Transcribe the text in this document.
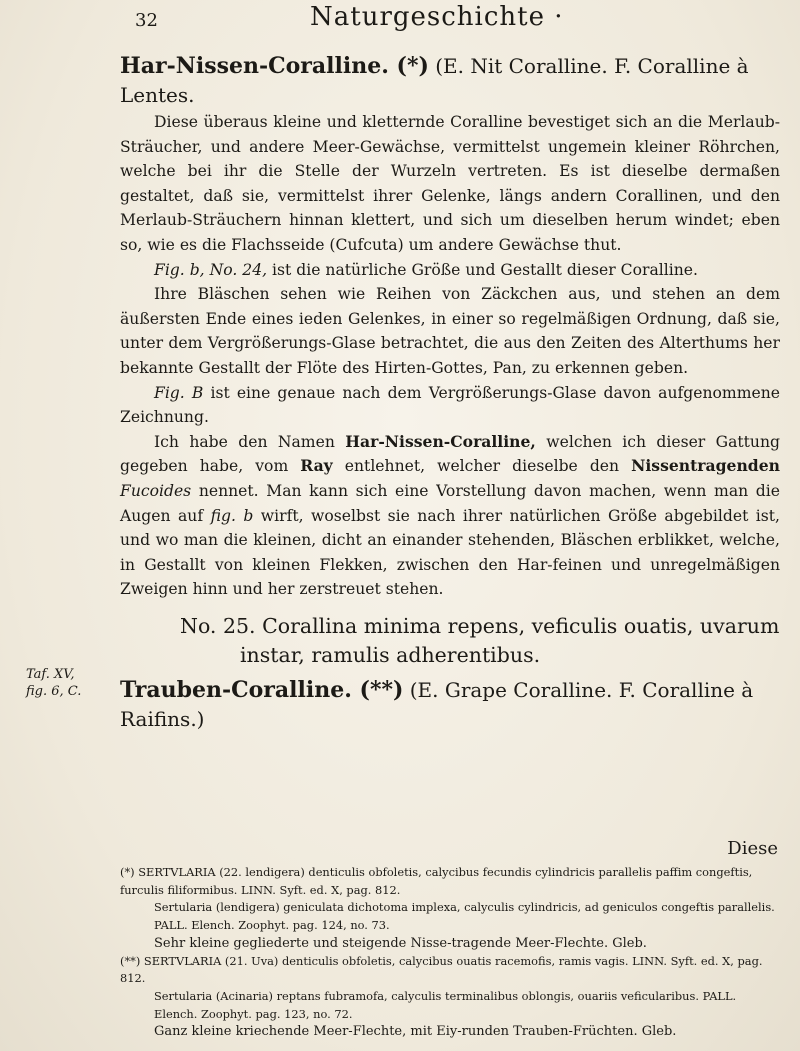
32	Naturgeschichte ·
Taf. XV,
fig. 6, C.

Har-Nissen-Coralline. (*) (E. Nit Coralline. F. Coralline à Lentes.

Diese überaus kleine und kletternde Coralline bevestiget sich an die Merlaub-Sträucher, und andere Meer-Gewächse, vermittelst ungemein kleiner Röhrchen, welche bei ihr die Stelle der Wurzeln vertreten. Es ist dieselbe dermaßen gestaltet, daß sie, vermittelst ihrer Gelenke, längs andern Corallinen, und den Merlaub-Sträuchern hinnan klettert, und sich um dieselben herum windet; eben so, wie es die Flachsseide (Cufcuta) um andere Gewächse thut.

Fig. b, No. 24, ist die natürliche Größe und Gestallt dieser Coralline.

Ihre Bläschen sehen wie Reihen von Zäckchen aus, und stehen an dem äußersten Ende eines ieden Gelenkes, in einer so regelmäßigen Ordnung, daß sie, unter dem Vergrößerungs-Glase betrachtet, die aus den Zeiten des Alterthums her bekannte Gestallt der Flöte des Hirten-Gottes, Pan, zu erkennen geben.

Fig. B ist eine genaue nach dem Vergrößerungs-Glase davon aufgenommene Zeichnung.

Ich habe den Namen Har-Nissen-Coralline, welchen ich dieser Gattung gegeben habe, vom Ray entlehnet, welcher dieselbe den Nissentragenden Fucoides nennet. Man kann sich eine Vorstellung davon machen, wenn man die Augen auf fig. b wirft, woselbst sie nach ihrer natürlichen Größe abgebildet ist, und wo man die kleinen, dicht an einander stehenden, Bläschen erblikket, welche, in Gestallt von kleinen Flekken, zwischen den Har-feinen und unregelmäßigen Zweigen hinn und her zerstreuet stehen.

No. 25. Corallina minima repens, veficulis ouatis, uvarum instar, ramulis adherentibus.

Trauben-Coralline. (**) (E. Grape Coralline. F. Coralline à Raifins.)

Diese

(*) SERTVLARIA (22. lendigera) denticulis obfoletis, calycibus fecundis cylindricis parallelis paffim congeftis, furculis filiformibus. LINN. Syft. ed. X, pag. 812.

Sertularia (lendigera) geniculata dichotoma implexa, calyculis cylindricis, ad geniculos congeftis parallelis. PALL. Elench. Zoophyt. pag. 124, no. 73.

Sehr kleine gegliederte und steigende Nisse-tragende Meer-Flechte. Gleb.

(**) SERTVLARIA (21. Uva) denticulis obfoletis, calycibus ouatis racemofis, ramis vagis. LINN. Syft. ed. X, pag. 812.

Sertularia (Acinaria) reptans fubramofa, calyculis terminalibus oblongis, ouariis veficularibus. PALL. Elench. Zoophyt. pag. 123, no. 72.

Ganz kleine kriechende Meer-Flechte, mit Eiy-runden Trauben-Früchten. Gleb.
